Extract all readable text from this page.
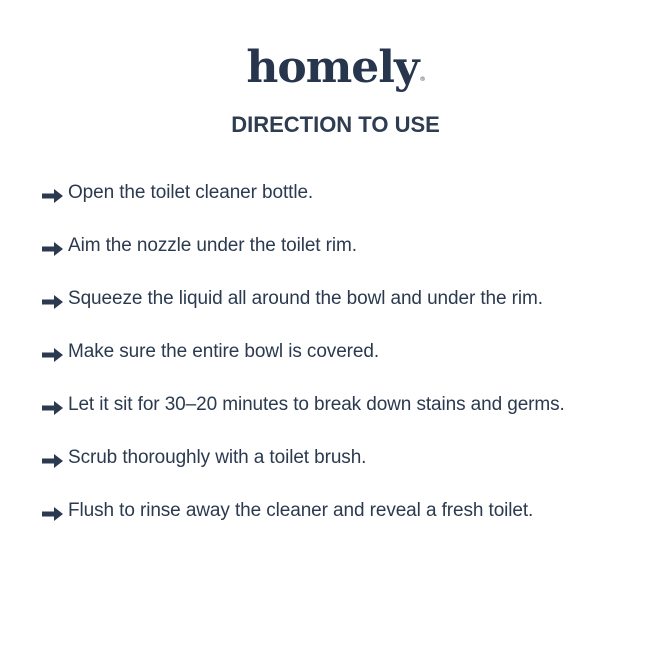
homely®
DIRECTION TO USE
Open the toilet cleaner bottle.
Aim the nozzle under the toilet rim.
Squeeze the liquid all around the bowl and under the rim.
Make sure the entire bowl is covered.
Let it sit for 30–20 minutes to break down stains and germs.
Scrub thoroughly with a toilet brush.
Flush to rinse away the cleaner and reveal a fresh toilet.
